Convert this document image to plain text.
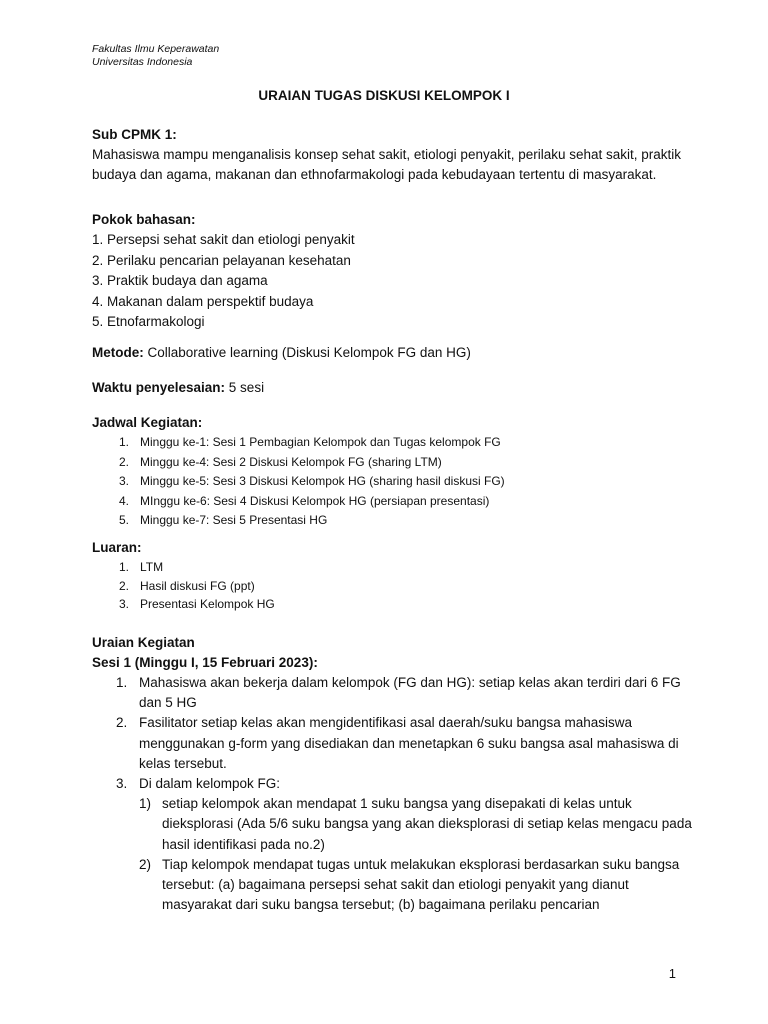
Fakultas Ilmu Keperawatan
Universitas Indonesia
URAIAN TUGAS DISKUSI KELOMPOK I
Sub CPMK 1:
Mahasiswa mampu menganalisis konsep sehat sakit, etiologi penyakit, perilaku sehat sakit, praktik budaya dan agama, makanan dan ethnofarmakologi pada kebudayaan tertentu di masyarakat.
Pokok bahasan:
1. Persepsi sehat sakit dan etiologi penyakit
2. Perilaku pencarian pelayanan kesehatan
3. Praktik budaya dan agama
4. Makanan dalam perspektif budaya
5. Etnofarmakologi
Metode: Collaborative learning (Diskusi Kelompok FG dan HG)
Waktu penyelesaian: 5 sesi
Jadwal Kegiatan:
1. Minggu ke-1: Sesi 1 Pembagian Kelompok dan Tugas kelompok FG
2. Minggu ke-4: Sesi 2 Diskusi Kelompok FG (sharing LTM)
3. Minggu ke-5: Sesi 3 Diskusi Kelompok HG (sharing hasil diskusi FG)
4. MInggu ke-6: Sesi 4 Diskusi Kelompok HG (persiapan presentasi)
5. Minggu ke-7: Sesi 5 Presentasi HG
Luaran:
1. LTM
2. Hasil diskusi FG (ppt)
3. Presentasi Kelompok HG
Uraian Kegiatan
Sesi 1 (Minggu I, 15 Februari 2023):
1. Mahasiswa akan bekerja dalam kelompok (FG dan HG): setiap kelas akan terdiri dari 6 FG dan 5 HG
2. Fasilitator setiap kelas akan mengidentifikasi asal daerah/suku bangsa mahasiswa menggunakan g-form yang disediakan dan menetapkan 6 suku bangsa asal mahasiswa di kelas tersebut.
3. Di dalam kelompok FG:
1) setiap kelompok akan mendapat 1 suku bangsa yang disepakati di kelas untuk dieksplorasi (Ada 5/6 suku bangsa yang akan dieksplorasi di setiap kelas mengacu pada hasil identifikasi pada no.2)
2) Tiap kelompok mendapat tugas untuk melakukan eksplorasi berdasarkan suku bangsa tersebut: (a) bagaimana persepsi sehat sakit dan etiologi penyakit yang dianut masyarakat dari suku bangsa tersebut; (b) bagaimana perilaku pencarian
1
